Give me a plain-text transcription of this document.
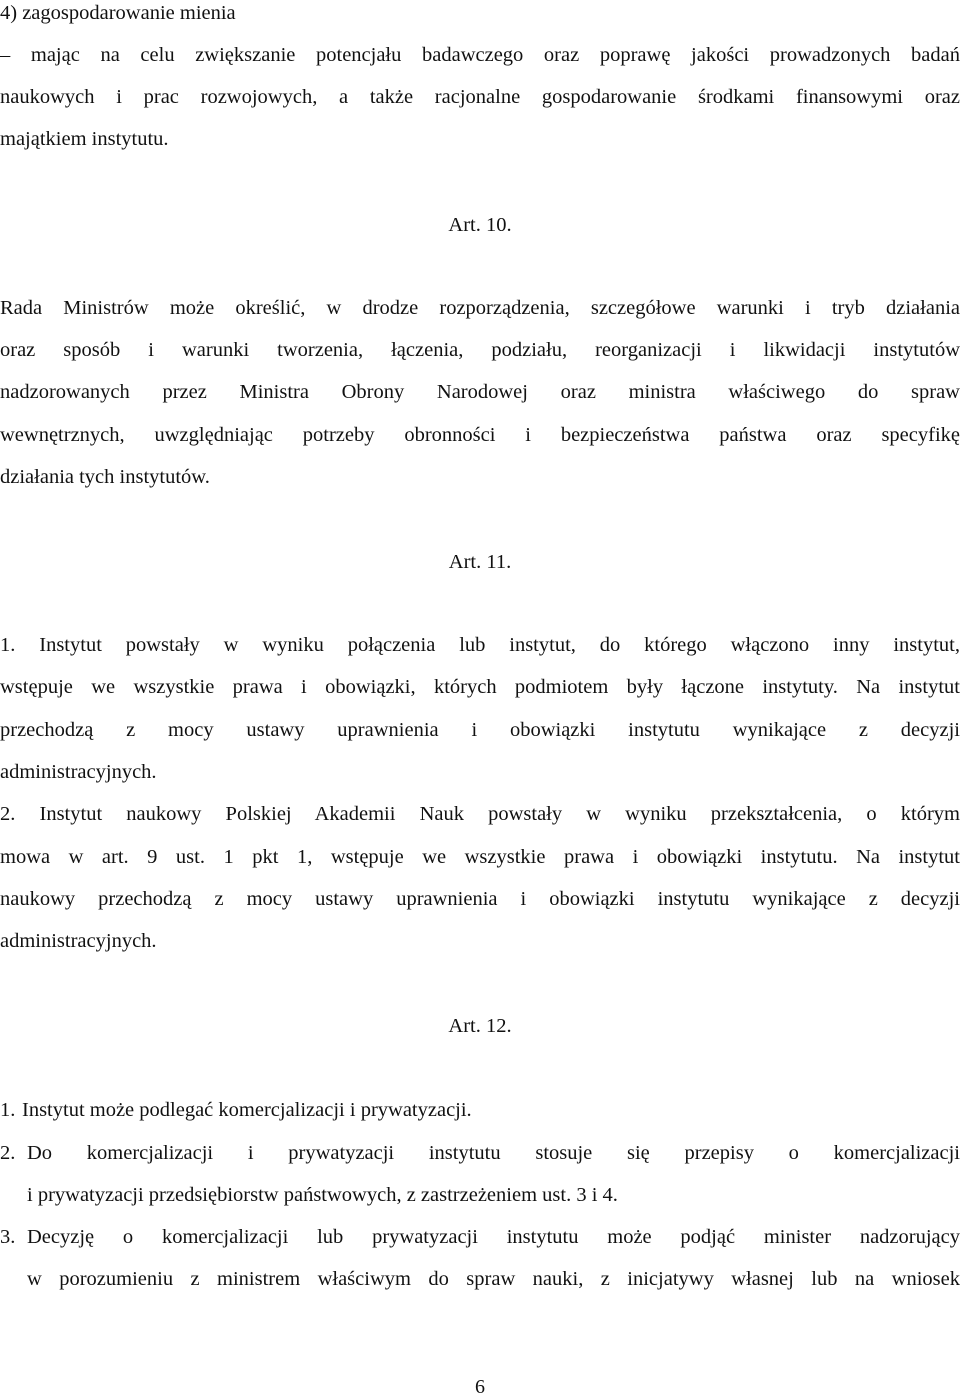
4) zagospodarowanie mienia
– mając na celu zwiększanie potencjału badawczego oraz poprawę jakości prowadzonych badań
naukowych i prac rozwojowych, a także racjonalne gospodarowanie środkami finansowymi oraz
majątkiem instytutu.
Art. 10.
Rada Ministrów może określić, w drodze rozporządzenia, szczegółowe warunki i tryb działania
oraz sposób i warunki tworzenia, łączenia, podziału, reorganizacji i likwidacji instytutów
nadzorowanych przez Ministra Obrony Narodowej oraz ministra właściwego do spraw
wewnętrznych, uwzględniając potrzeby obronności i bezpieczeństwa państwa oraz specyfikę
działania tych instytutów.
Art. 11.
1. Instytut powstały w wyniku połączenia lub instytut, do którego włączono inny instytut,
wstępuje we wszystkie prawa i obowiązki, których podmiotem były łączone instytuty. Na instytut
przechodzą z mocy ustawy uprawnienia i obowiązki instytutu wynikające z decyzji
administracyjnych.
2. Instytut naukowy Polskiej Akademii Nauk powstały w wyniku przekształcenia, o którym
mowa w art. 9 ust. 1 pkt 1, wstępuje we wszystkie prawa i obowiązki instytutu. Na instytut
naukowy przechodzą z mocy ustawy uprawnienia i obowiązki instytutu wynikające z decyzji
administracyjnych.
Art. 12.
1. Instytut może podlegać komercjalizacji i prywatyzacji.
2. Do komercjalizacji i prywatyzacji instytutu stosuje się przepisy o komercjalizacji
i prywatyzacji przedsiębiorstw państwowych, z zastrzeżeniem ust. 3 i 4.
3. Decyzję o komercjalizacji lub prywatyzacji instytutu może podjąć minister nadzorujący
w porozumieniu z ministrem właściwym do spraw nauki, z inicjatywy własnej lub na wniosek
6
